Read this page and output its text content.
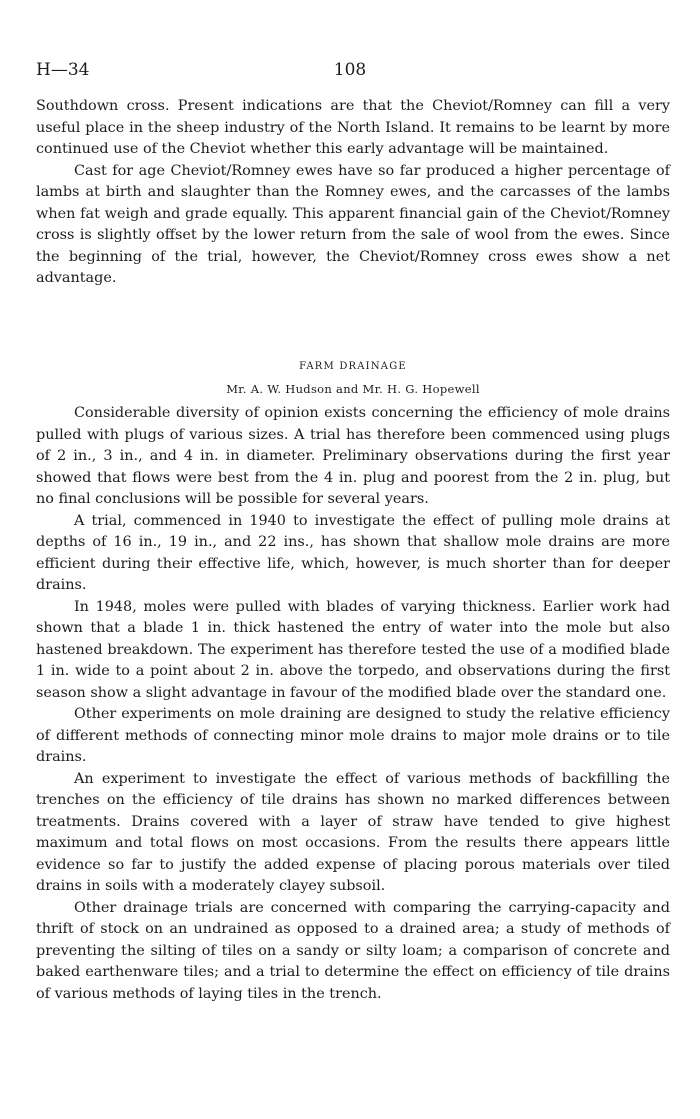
H—34	108

Southdown cross. Present indications are that the Cheviot/Romney can fill a very useful place in the sheep industry of the North Island. It remains to be learnt by more continued use of the Cheviot whether this early advantage will be maintained.

Cast for age Cheviot/Romney ewes have so far produced a higher percentage of lambs at birth and slaughter than the Romney ewes, and the carcasses of the lambs when fat weigh and grade equally. This apparent financial gain of the Cheviot/Romney cross is slightly offset by the lower return from the sale of wool from the ewes. Since the beginning of the trial, however, the Cheviot/Romney cross ewes show a net advantage.

FARM DRAINAGE
Mr. A. W. Hudson and Mr. H. G. Hopewell

Considerable diversity of opinion exists concerning the efficiency of mole drains pulled with plugs of various sizes. A trial has therefore been commenced using plugs of 2 in., 3 in., and 4 in. in diameter. Preliminary observations during the first year showed that flows were best from the 4 in. plug and poorest from the 2 in. plug, but no final conclusions will be possible for several years.

A trial, commenced in 1940 to investigate the effect of pulling mole drains at depths of 16 in., 19 in., and 22 ins., has shown that shallow mole drains are more efficient during their effective life, which, however, is much shorter than for deeper drains.

In 1948, moles were pulled with blades of varying thickness. Earlier work had shown that a blade 1 in. thick hastened the entry of water into the mole but also hastened breakdown. The experiment has therefore tested the use of a modified blade 1 in. wide to a point about 2 in. above the torpedo, and observations during the first season show a slight advantage in favour of the modified blade over the standard one.

Other experiments on mole draining are designed to study the relative efficiency of different methods of connecting minor mole drains to major mole drains or to tile drains.

An experiment to investigate the effect of various methods of backfilling the trenches on the efficiency of tile drains has shown no marked differences between treatments. Drains covered with a layer of straw have tended to give highest maximum and total flows on most occasions. From the results there appears little evidence so far to justify the added expense of placing porous materials over tiled drains in soils with a moderately clayey subsoil.

Other drainage trials are concerned with comparing the carrying-capacity and thrift of stock on an undrained as opposed to a drained area; a study of methods of preventing the silting of tiles on a sandy or silty loam; a comparison of concrete and baked earthenware tiles; and a trial to determine the effect on efficiency of tile drains of various methods of laying tiles in the trench.
